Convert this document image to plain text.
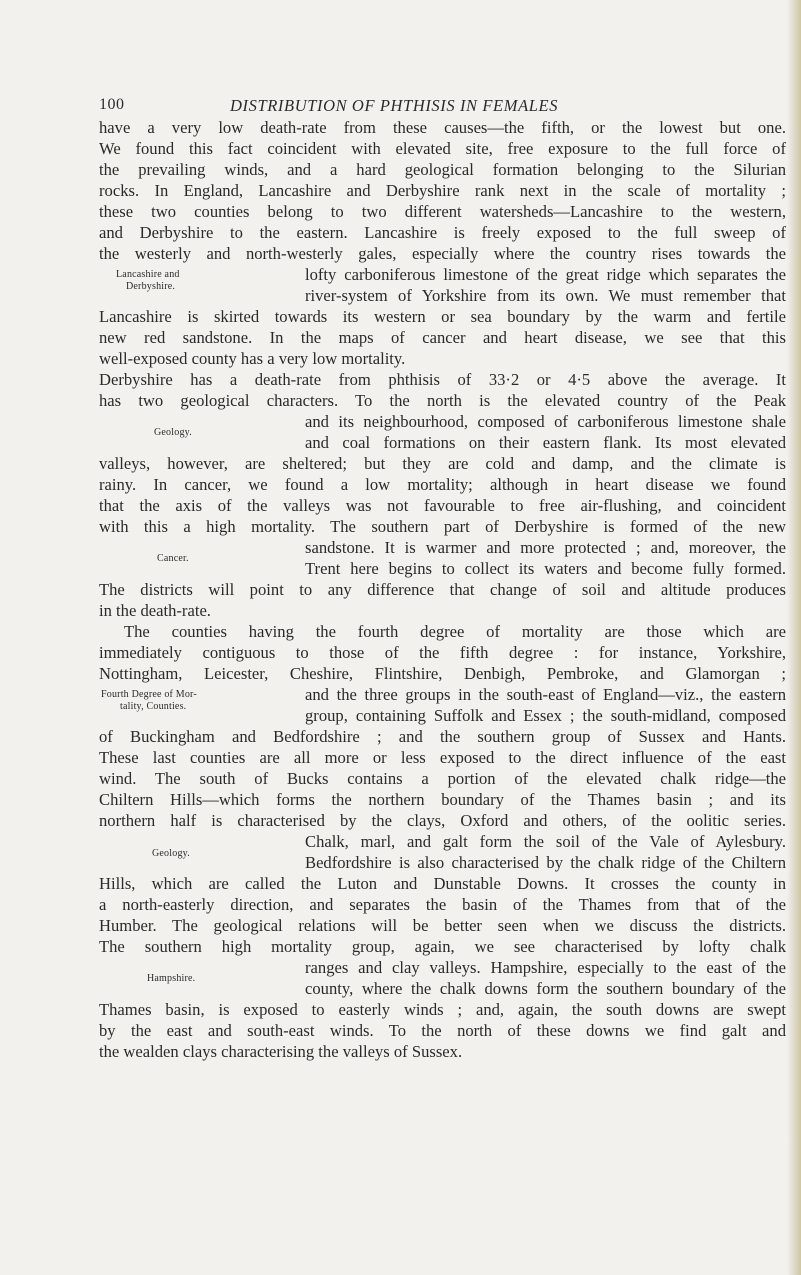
100	DISTRIBUTION OF PHTHISIS IN FEMALES
have a very low death-rate from these causes—the fifth, or the lowest but one.
We found this fact coincident with elevated site, free exposure to the full force of
the prevailing winds, and a hard geological formation belonging to the Silurian
rocks. In England, Lancashire and Derbyshire rank next in the scale of mortality ;
these two counties belong to two different watersheds—Lancashire to the western,
and Derbyshire to the eastern. Lancashire is freely exposed to the full sweep of
the westerly and north-westerly gales, especially where the country rises towards the
lofty carboniferous limestone of the great ridge which separates the
river-system of Yorkshire from its own. We must remember that
Lancashire is skirted towards its western or sea boundary by the warm and fertile
new red sandstone. In the maps of cancer and heart disease, we see that this
well-exposed county has a very low mortality.
Derbyshire has a death-rate from phthisis of 33·2 or 4·5 above the average. It
has two geological characters. To the north is the elevated country of the Peak
and its neighbourhood, composed of carboniferous limestone shale
and coal formations on their eastern flank. Its most elevated
valleys, however, are sheltered; but they are cold and damp, and the climate is
rainy. In cancer, we found a low mortality; although in heart disease we found
that the axis of the valleys was not favourable to free air-flushing, and coincident
with this a high mortality. The southern part of Derbyshire is formed of the new
sandstone. It is warmer and more protected ; and, moreover, the
Trent here begins to collect its waters and become fully formed.
The districts will point to any difference that change of soil and altitude produces
in the death-rate.
The counties having the fourth degree of mortality are those which are
immediately contiguous to those of the fifth degree : for instance, Yorkshire,
Nottingham, Leicester, Cheshire, Flintshire, Denbigh, Pembroke, and Glamorgan ;
and the three groups in the south-east of England—viz., the eastern
group, containing Suffolk and Essex ; the south-midland, composed
of Buckingham and Bedfordshire ; and the southern group of Sussex and Hants.
These last counties are all more or less exposed to the direct influence of the east
wind. The south of Bucks contains a portion of the elevated chalk ridge—the
Chiltern Hills—which forms the northern boundary of the Thames basin ; and its
northern half is characterised by the clays, Oxford and others, of the oolitic series.
Chalk, marl, and galt form the soil of the Vale of Aylesbury.
Bedfordshire is also characterised by the chalk ridge of the Chiltern
Hills, which are called the Luton and Dunstable Downs. It crosses the county in
a north-easterly direction, and separates the basin of the Thames from that of the
Humber. The geological relations will be better seen when we discuss the districts.
The southern high mortality group, again, we see characterised by lofty chalk
ranges and clay valleys. Hampshire, especially to the east of the
county, where the chalk downs form the southern boundary of the
Thames basin, is exposed to easterly winds ; and, again, the south downs are swept
by the east and south-east winds. To the north of these downs we find galt and
the wealden clays characterising the valleys of Sussex.
Lancashire and
Derbyshire.
Geology.
Cancer.
Fourth Degree of Mor-
tality, Counties.
Geology.
Hampshire.
